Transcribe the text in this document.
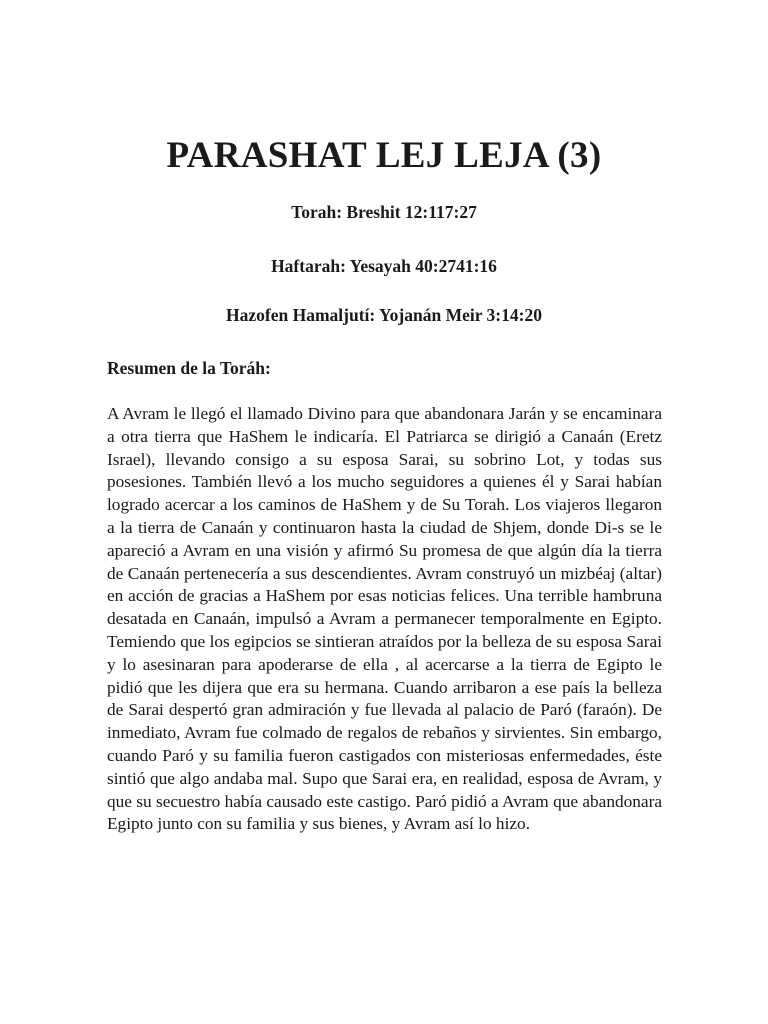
PARASHAT LEJ LEJA (3)

Torah: Breshit 12:117:27

Haftarah: Yesayah 40:2741:16

Hazofen Hamaljutí: Yojanán Meir 3:14:20

Resumen de la Toráh:

A Avram le llegó el llamado Divino para que abandonara Jarán y se encaminara a otra tierra que HaShem le indicaría. El Patriarca se dirigió a Canaán (Eretz Israel), llevando consigo a su esposa Sarai, su sobrino Lot, y todas sus posesiones. También llevó a los mucho seguidores a quienes él y Sarai habían logrado acercar a los caminos de HaShem y de Su Torah. Los viajeros llegaron a la tierra de Canaán y continuaron hasta la ciudad de Shjem, donde Di-s se le apareció a Avram en una visión y afirmó Su promesa de que algún día la tierra de Canaán pertenecería a sus descendientes. Avram construyó un mizbéaj (altar) en acción de gracias a HaShem por esas noticias felices. Una terrible hambruna desatada en Canaán, impulsó a Avram a permanecer temporalmente en Egipto. Temiendo que los egipcios se sintieran atraídos por la belleza de su esposa Sarai y lo asesinaran para apoderarse de ella , al acercarse a la tierra de Egipto le pidió que les dijera que era su hermana. Cuando arribaron a ese país la belleza de Sarai despertó gran admiración y fue llevada al palacio de Paró (faraón). De inmediato, Avram fue colmado de regalos de rebaños y sirvientes. Sin embargo, cuando Paró y su familia fueron castigados con misteriosas enfermedades, éste sintió que algo andaba mal. Supo que Sarai era, en realidad, esposa de Avram, y que su secuestro había causado este castigo. Paró pidió a Avram que abandonara Egipto junto con su familia y sus bienes, y Avram así lo hizo.
